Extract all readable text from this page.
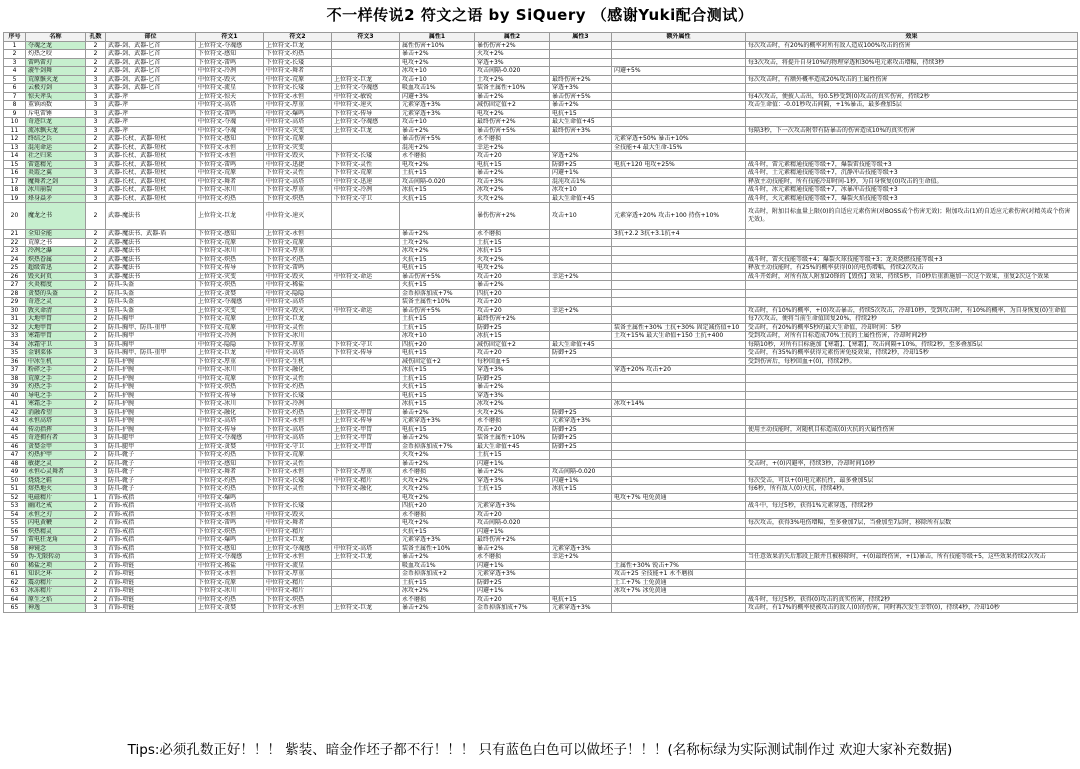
不一样传说2 符文之语 by SiQuery （感谢Yuki配合测试）
序号	名称	孔数	部位	符文1	符文2	符文3	属性1	属性2	属性3	额外属性	效果
1	夺魂之龙	2	武器-剑、武器-匕首	上位符文-夺魂感	上位符文-巨龙		属性伤害+10%	暴伤伤害+2%			每次攻击时，有20%的概率对所有敌人造成100%攻击的伤害
2	灼热之咬	2	武器-剑、武器-匕首	下位符文-感知	下位符文-灼热		暴击+2%	火攻+2%			
3	雷鸣雷刃	2	武器-剑、武器-匕首	下位符文-雷鸣	下位符文-长矮		电攻+2%	穿透+3%			每3次攻击，将提升自身10%的物理穿透和30%电元素攻击增幅，持续3秒
4	漩牛剑舞	2	武器-剑、武器-匕首	中位符文-冷冽	中位符文-舞者		冰攻+10	攻击间隔-0.020		闪避+5%	
5	荒原骸灭龙	3	武器-剑、武器-匕首	中位符文-毁灭	中位符文-荒原	上位符文-巨龙	攻击+10	土攻+2%	最终伤害+2%		每次攻击时，有额外概率造成20%攻击的土属性伤害
6	云极刃剑	3	武器-剑、武器-匕首	中位符文-流星	下位符文-长矮	上位符文-夺魂感	吸血攻击1%	装备主属性+10%	穿透+3%		
7	惊天斧头	3	武器-斧	上位符文-惊天	下位符文-永恒	中位符文-敏锐	闪避+3%	暴击+2%	暴击伤害+5%		每4次攻击，便披人击出，每0.5秒受到(0)攻击的真实伤害，持续2秒
8	董镇函数	3	武器-斧	中位符文-高塔	中位符文-厚重	中位符文-速灭	元素穿透+3%	减伤固定值+2	暴击+2%		攻击生命值：-0.01秒攻击间隔，+1%暴击，最多叠加5层
9	斥电雷锤	3	武器-斧	下位符文-雷鸣	中位符文-爆鸣	下位符文-传导	元素穿透+3%	电攻+2%	电抗+15		
10	奇迹巨龙	3	武器-斧	中位符文-夺魂	中位符文-高塔	上位符文-夺魂感	攻击+10	最终伤害+2%	最大生命值+45		
11	流冰飘天龙	3	武器-斧	中位符文-夺魂	中位符文-灾变	上位符文-巨龙	暴击+2%	暴击伤害+5%	最终伤害+3%		每隔3秒，下一次攻击附带有防暴击的伤害造成10%的真实伤害
12	终结之兵	2	武器-长杖、武器-短杖	下位符文-感知	下位符文-荒原		暴击伤害+5%	永不磨损		元素穿透+50% 暴击+10%	
13	混沌命运	2	武器-长杖、武器-短杖	下位符文-永恒	上位符文-灾变		混沌+2%	幸运+2%		全技能+4 最大生命-15%	
14	社之归来	3	武器-长杖、武器-短杖	下位符文-永恒	中位符文-毁灭	下位符文-长矮	永不磨损	攻击+20	穿透+2%		
15	雷霆精光	3	武器-长杖、武器-短杖	下位符文-雷鸣	中位符文-迅捷	下位符文-灵性	电攻+2%	电抗+15	防御+25	电抗+120 电攻+25%	战斗时，雷元素精通技能等级+7，爆裂雷技能等级+3
16	炎霞之翼	3	武器-长杖、武器-短杖	中位符文-荒原	下位符文-灵性	下位符文-荒原	土抗+15	暴击+2%	闪避+1%		战斗时，土元素精通技能等级+7，沉静冲击技能等级+3
17	魔舞者之剑	3	武器-长杖、武器-短杖	中位符文-舞者	中位符文-高塔	中位符文-迅速	攻击间隔-0.020	攻击+3%	混沌攻击1%		释放主动技能时，所有技能冷却时间-1秒，为自身恢复(0)攻击的生命值。
18	冰川崩裂	3	武器-长杖、武器-短杖	下位符文-冰川	下位符文-厚重	中位符文-冷冽	冰抗+15	冰攻+2%	冰攻+10		战斗时，冰元素精通技能等级+7，冰暴冲击技能等级+3
19	烽身焱矛	3	武器-长杖、武器-短杖	中位符文-灼热	下位符文-炽热	下位符文-守卫	火抗+15	火攻+2%	最大生命值+45		战斗时，火元素精通技能等级+7，爆裂火焰技能等级+3
20	魔龙之书	2	武器-魔法书	上位符文-巨龙	中位符文-速灭			暴伤伤害+2%	攻击+10	元素穿透+20% 攻击+100 持伤+10%	攻击时，附加目标血量上限(0)的自适应元素伤害(对BOSS或个伤害无效)；附加攻击(1)的自适应元素伤害(对精英或个伤害无效)。
21	全知全能	2	武器-魔法书、武器-盾	下位符文-感知	上位符文-永恒		暴击+2%	永不磨损		3抗+2.2 3抗+3.1抗+4	
22	荒原之书	2	武器-魔法书	下位符文-荒原	下位符文-荒原		土攻+2%	土抗+15			
23	冷冽之瀑	2	武器-魔法书	下位符文-冰川	下位符文-厚重		冰攻+2%	冰抗+15			
24	炽热眷属	2	武器-魔法书	下位符文-炽热	下位符文-灼热		火抗+15	火攻+2%			战斗时，雷火技能等级+4；爆裂火球技能等级+3；龙炎烧燃技能等级+3
25	超级雷迅	2	武器-魔法书	下位符文-传导	下位符文-雷鸣		电抗+15	电攻+2%			释放主动技能时，有25%的概率获得(0)的电伤增幅，持续2次攻击
26	毁灭封页	3	武器-魔法书	上位符文-灾变	中位符文-毁灭	中位符文-命运	暴击伤害+5%	攻击+20	幸运+2%		战斗开始时，对所有敌人附加20锋的【毁伤】效果，持续5秒，自0秒后重新施加一次这个效果，重复2次这个效果
27	火炎精度	2	防具-头盔	下位符文-炽热	中位符文-稀盐		火抗+15	暴击+2%			
28	贪婪的头盔	2	防具-头盔	上位符文-贪婪	中位符文-隐隐		金币掉落加成+7%	四抗+20			
29	奇迹之灵	2	防具-头盔	上位符文-夺魂感	中位符文-高塔		装备主属性+10%	攻击+20			
30	敦灭命清	3	防具-头盔	上位符文-灾变	中位符文-毁灭	中位符文-命运	暴击伤害+5%	攻击+20	幸运+2%		攻击时，有10%的概率，+(0)攻击暴击，持续5次攻击，冷却10秒，受到攻击时，有10%的概率，为自身恢复(0)生命值
31	大地甲胄	2	防具-胸甲	下位符文-荒原	上位符文-巨龙		土抗+15	最终伤害+2%			每7次攻击，便将当前生命值回复20%，持续2秒
32	大地甲胄	2	防具-胸甲、防具-重甲	下位符文-荒原	中位符文-灵性		土抗+15	防御+25		装备主属性+30% 土抗+30% 固定减伤值+10	受击时，有20%的概率5秒的最大生命值，冷却时间：5秒
33	寒霜甲胄	2	防具-胸甲	中位符文-冷冽	下位符文-冰川		冰攻+10	冰抗+15		土攻+15% 最大生命值+150 土抗+400	受到攻击时，对所有目标造成70%土抗的土属性伤害，冷却时间2秒
34	冰霜守卫	3	防具-胸甲	中位符文-隐隐	下位符文-厚重	下位符文-守卫	四抗+20	减伤固定值+2	最大生命值+45		每隔10秒，对所有目标施加【寒霜】、【寒霜】，攻击间隔+10%，持续2秒，至多叠加5层
35	金钢菜体	3	防具-胸甲、防具-重甲	上位符文-巨龙	中位符文-高塔	下位符文-传导	电抗+15	攻击+20	防御+25		受击时，有35%的概率获得元素伤害免疫效果，持续2秒，冷却15秒
36	中冰生机	2	防具-护腕	下位符文-厚重	中位符文-生机		减伤固定值+2	每秒回血+5			受到伤害后，每秒回血+(0)，持续2秒。
37	粉碎之手	2	防具-护腕	中位符文-冰川	下位符文-融化		冰抗+15	穿透+3%		穿透+20% 攻击+20	
38	荒原之手	2	防具-护腕	中位符文-荒原	下位符文-灵性		土抗+15	防御+25			
39	灼热之手	2	防具-护腕	下位符文-炽热	下位符文-灼热		火抗+15	暴击+2%			
40	导电之手	2	防具-护腕	下位符文-传导	下位符文-长矮		电抗+15	穿透+3%			
41	寒霜之手	2	防具-护腕	下位符文-冰川	下位符文-冷冽		冰抗+15	冰攻+2%		冰攻+14%	
42	消融希望	3	防具-护腕	下位符文-融化	下位符文-灼热	上位符文-甲胄	暴击+2%	火攻+2%	防御+25		
43	永恒高塔	3	防具-护腕	中位符文-高塔	下位符文-永恒	上位符文-传导	元素穿透+3%	永不磨损	元素穿透+3%		
44	传动指挥	3	防具-护腕	下位符文-传导	下位符文-高塔	上位符文-甲胄	电抗+15	攻击+20	防御+25		使用主动技能时，对随机目标造成(0)火抗的火属性伤害
45	奇迹拥有者	3	防具-腿甲	上位符文-夺魂感	中位符文-高塔	上位符文-甲胄	暴击+2%	装备主属性+10%	防御+25		
46	贪婪金甲	3	防具-腿甲	上位符文-贪婪	中位符文-守卫	上位符文-甲胄	金币掉落加成+7%	最大生命值+45	防御+25		
47	灼热护甲	2	防具-靴子	下位符文-灼热	下位符文-荒原		火攻+2%	土抗+15			
48	敏捷之灵	2	防具-靴子	中位符文-感知	下位符文-灵性		暴击+2%	闪避+1%			受击时，+(0)闪避率，持续3秒，冷却时间10秒
49	永恒心灵舞者	3	防具-靴子	中位符文-舞者	下位符文-永恒	下位符文-厚重	永不磨损	暴击+2%	攻击间隔-0.020		
50	烧烧之鞋	3	防具-靴子	下位符文-灼热	下位符文-长矮	中位符文-精片	火攻+2%	穿透+3%	闪避+1%		每次受击，可以+(0)电元素抗性，最多叠加5层
51	熔热地火	3	防具-靴子	下位符文-灼热	下位符文-灵性	下位符文-融化	火攻+2%	土抗+15	冰抗+15		每6秒，所有敌人(0)火抗，持续4秒。
52	电磁精片	1	首饰-戒指	中位符文-爆鸣			电攻+2%			电攻+7% 电免黄通	
53	幽闭之戒	2	首饰-戒指	中位符文-高塔	下位符文-长矮		四抗+20	元素穿透+3%			战斗中，每过5秒，获得1%元素穿透，持续2秒
54	永恒之刃	2	首饰-戒指	下位符文-永恒	中位符文-毁灭		永不磨损	攻击+20			
55	闪电黄鞭	2	首饰-戒指	下位符文-雷鸣	中位符文-舞者		电攻+2%	攻击间隔-0.020			每次攻击，获得3%电伤增幅，至多叠加7层，当叠加至7层时，移除所有层数
56	炽热精灵	2	首饰-戒指	下位符文-炽热	中位符文-精片		火抗+15	闪避+1%			
57	雷电狂龙角	2	首饰-戒指	中位符文-爆鸣	上位符文-巨龙		元素穿透+3%	最终伤害+2%			
58	神镜念	3	首饰-戒指	下位符文-感知	上位符文-夺魂感	中位符文-高塔	装备主属性+10%	暴击+2%	元素穿透+3%		
59	伪-无限转动	3	首饰-戒指	上位符文-夺魂感	上位符文-永恒	上位符文-巨龙	暴击+2%	永不磨损	幸运+2%		当任意效果消失后那段上限并且被移除时，+(0)最终伤害，+(1)暴击，所有技能等级+5，这些效果持续2次攻击
60	稀盐之项	2	首饰-项链	中位符文-稀盐	中位符文-流星		吸血攻击1%	闪避+1%		土属性+30% 锐击+7%	
61	知识之环	2	首饰-项链	下位符文-永恒	下位符文-厚重		金币掉落加成+2	元素穿透+3%		攻击+25 全技能+1 永不磨损	
62	震动精片	2	首饰-项链	下位符文-荒原	中位符文-精片		土抗+15	防御+25		土工+7% 土免黄通	
63	冰冻精片	2	首饰-项链	下位符文-冰川	中位符文-精片		冰攻+2%	闪避+1%		冰攻+7% 冰免黄通	
64	原生之焰	2	首饰-项链	中位符文-灼热	下位符文-炽热		永不磨损	攻击+20	电抗+15		战斗时，每过5秒，获得(0)攻击的真实伤害，持续2秒
65	神逸	3	首饰-项链	上位符文-贪婪	下位符文-永恒	上位符文-巨龙	暴击+2%	金币掉落加成+7%	元素穿透+3%		攻击时，有17%的概率使被攻击的敌人(0)的伤害，同时再次发生幸带(0)，持续4秒，冷却10秒
Tips:必须孔数正好！！！ 紫装、暗金作坯子都不行！！！ 只有蓝色白色可以做坯子！！！(名称标绿为实际测试制作过 欢迎大家补充数据)
